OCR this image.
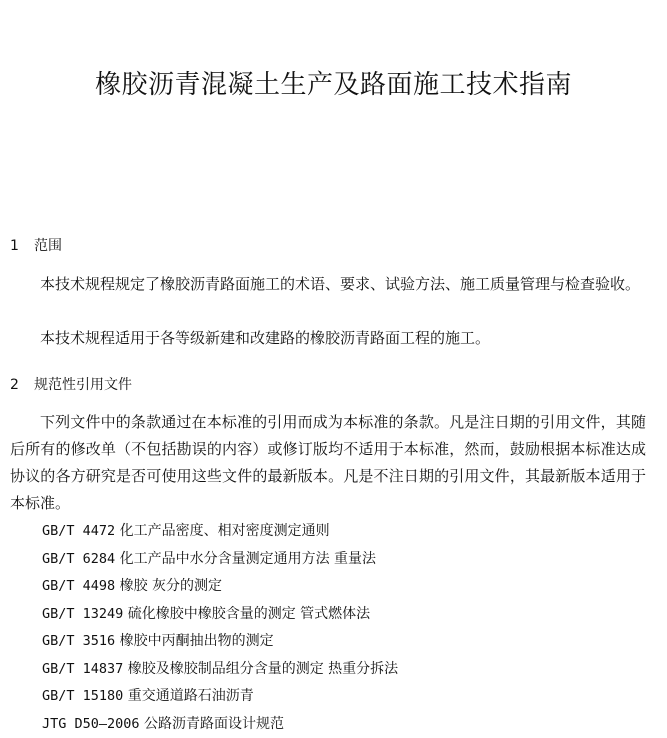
橡胶沥青混凝土生产及路面施工技术指南
1 范围

本技术规程规定了橡胶沥青路面施工的术语、要求、试验方法、施工质量管理与检查验收。

本技术规程适用于各等级新建和改建路的橡胶沥青路面工程的施工。

2 规范性引用文件

下列文件中的条款通过在本标准的引用而成为本标准的条款。凡是注日期的引用文件，其随后所有的修改单（不包括勘误的内容）或修订版均不适用于本标准，然而，鼓励根据本标准达成协议的各方研究是否可使用这些文件的最新版本。凡是不注日期的引用文件，其最新版本适用于本标准。

GB/T 4472 化工产品密度、相对密度测定通则
GB/T 6284 化工产品中水分含量测定通用方法 重量法
GB/T 4498 橡胶 灰分的测定
GB/T 13249 硫化橡胶中橡胶含量的测定 管式燃体法
GB/T 3516 橡胶中丙酮抽出物的测定
GB/T 14837 橡胶及橡胶制品组分含量的测定 热重分拆法
GB/T 15180 重交通道路石油沥青
JTG D50—2006 公路沥青路面设计规范
